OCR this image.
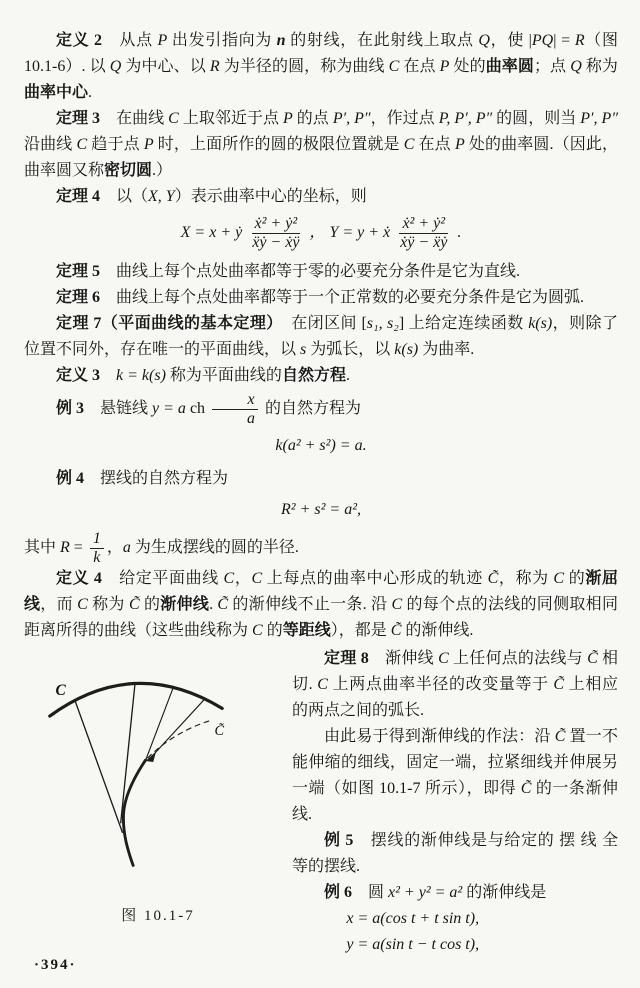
定义 2　从点 P 出发引指向为 n 的射线，在此射线上取点 Q，使 |PQ| = R（图 10.1-6）. 以 Q 为中心、以 R 为半径的圆，称为曲线 C 在点 P 处的曲率圆；点 Q 称为曲率中心.

定理 3　在曲线 C 上取邻近于点 P 的点 P′, P″，作过点 P, P′, P″ 的圆，则当 P′, P″ 沿曲线 C 趋于点 P 时，上面所作的圆的极限位置就是 C 在点 P 处的曲率圆.（因此，曲率圆又称密切圆.）

定理 4　以（X, Y）表示曲率中心的坐标，则

X = x + ẏ $\frac{\text{ẋ² + ẏ²}}{\text{ẍẏ − ẋÿ}}$ ， Y = y + ẋ $\frac{\text{ẋ² + ẏ²}}{\text{ẋÿ − ẍẏ}}$ .

定理 5　曲线上每个点处曲率都等于零的必要充分条件是它为直线.

定理 6　曲线上每个点处曲率都等于一个正常数的必要充分条件是它为圆弧.

定理 7（平面曲线的基本定理）　在闭区间 [s₁, s₂] 上给定连续函数 k(s)，则除了位置不同外，存在唯一的平面曲线，以 s 为弧长，以 k(s) 为曲率.

定义 3　 k = k(s) 称为平面曲线的自然方程.

例 3　悬链线 y = a ch $\frac{x}{a}$ 的自然方程为

k(a² + s²) = a.

例 4　摆线的自然方程为

R² + s² = a²,

其中 $R = \frac{1}{k}$ ，a 为生成摆线的圆的半径.

定义 4　给定平面曲线 C，C 上每点的曲率中心形成的轨迹 C̃，称为 C 的渐屈线，而 C 称为 C̃ 的渐伸线. C̃ 的渐伸线不止一条. 沿 C 的每个点的法线的同侧取相同距离所得的曲线（这些曲线称为 C 的等距线），都是 C̃ 的渐伸线.

C
C̃
图 10.1-7

定理 8　渐伸线 C 上任何点的法线与 C̃ 相切. C 上两点曲率半径的改变量等于 C̃ 上相应的两点之间的弧长.

由此易于得到渐伸线的作法：沿 C̃ 置一不能伸缩的细线，固定一端，拉紧细线并伸展另一端（如图 10.1-7 所示），即得 C̃ 的一条渐伸线.

例 5　摆线的渐伸线是与给定的 摆 线 全等的摆线.

例 6　圆 x² + y² = a² 的渐伸线是

x = a(cos t + t sin t),
y = a(sin t − t cos t),
·394·
